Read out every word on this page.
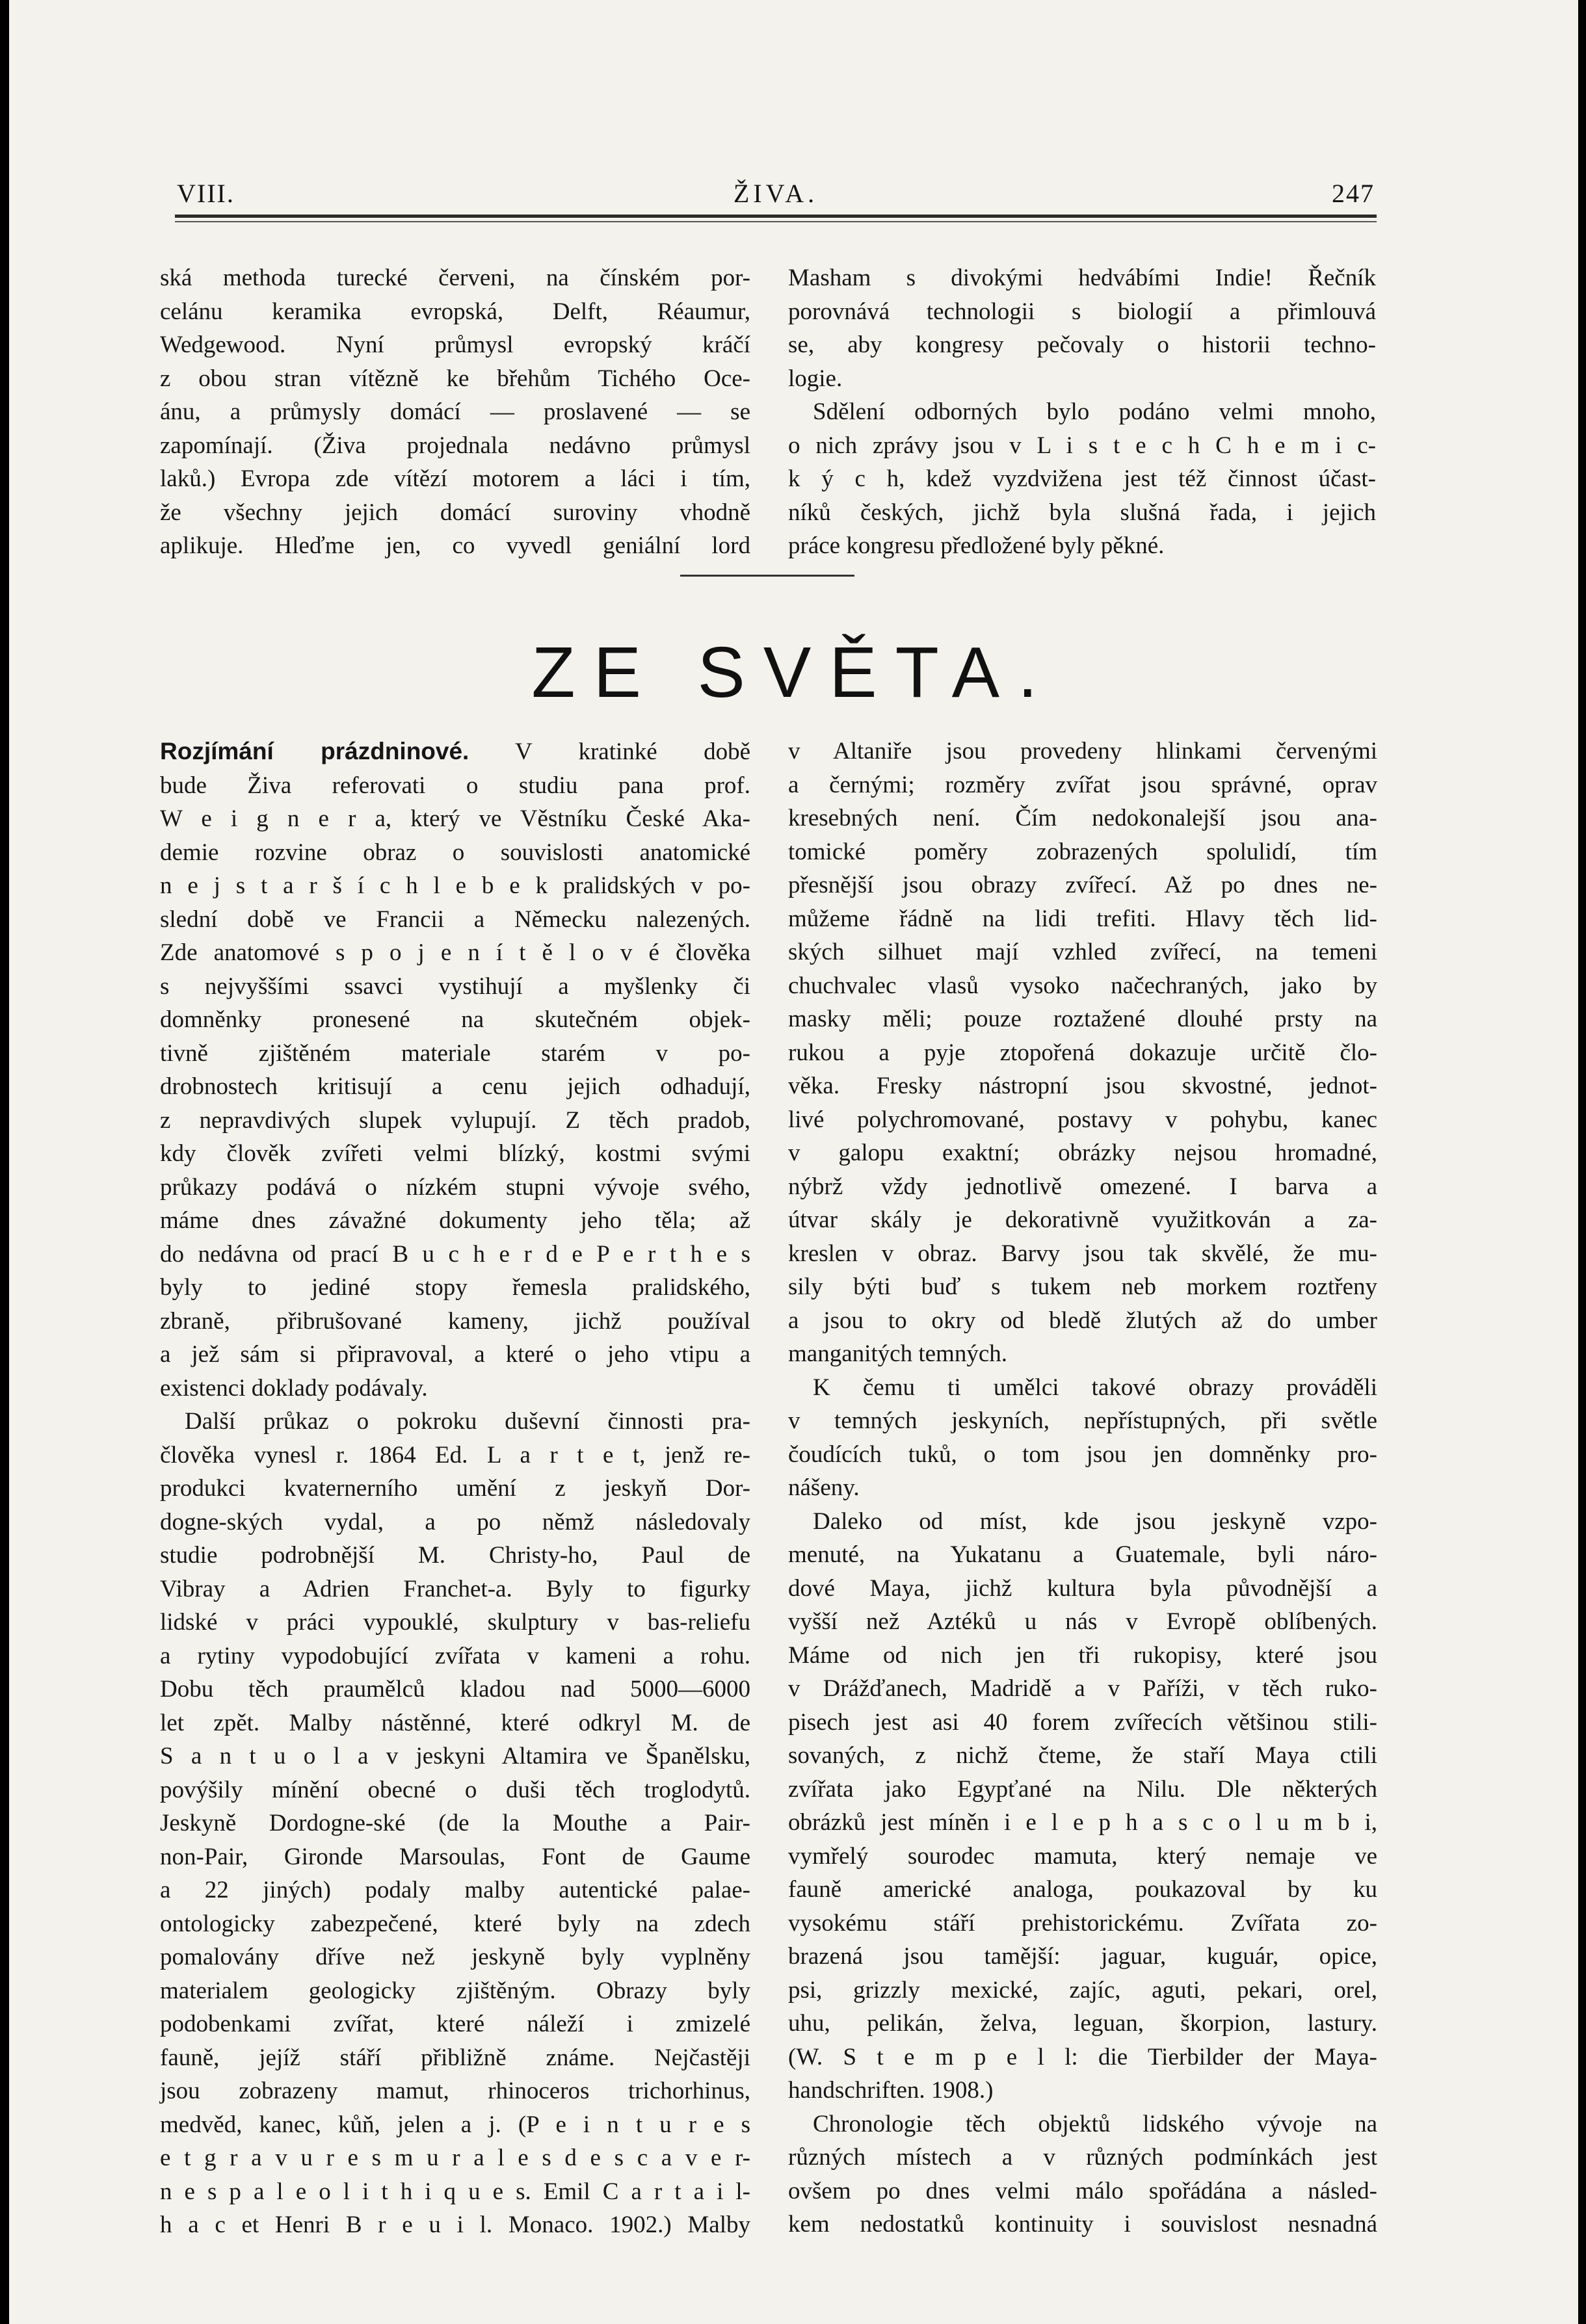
ŽIVA.
VIII.	247

ská methoda turecké červeni, na čínském por-

celánu keramika evropská, Delft, Réaumur,

Wedgewood. Nyní průmysl evropský kráčí

z obou stran vítězně ke břehům Tichého Oce-

ánu, a průmysly domácí — proslavené — se

zapomínají. (Živa projednala nedávno průmysl

laků.) Evropa zde vítězí motorem a láci i tím,

že všechny jejich domácí suroviny vhodně

aplikuje. Hleďme jen, co vyvedl geniální lord

Masham s divokými hedvábími Indie! Řečník

porovnává technologii s biologií a přimlouvá

se, aby kongresy pečovaly o historii techno-

logie.

Sdělení odborných bylo podáno velmi mnoho,

o nich zprávy jsou v L i s t e c h C h e m i c-

k ý c h, kdež vyzdvižena jest též činnost účast-

níků českých, jichž byla slušná řada, i jejich

práce kongresu předložené byly pěkné.

ZE SVĚTA.

Rozjímání prázdninové. V kratinké době

bude Živa referovati o studiu pana prof.

W e i g n e r a, který ve Věstníku České Aka-

demie rozvine obraz o souvislosti anatomické

n e j s t a r š í c h l e b e k pralidských v po-

slední době ve Francii a Německu nalezených.

Zde anatomové s p o j e n í t ě l o v é člověka

s nejvyššími ssavci vystihují a myšlenky či

domněnky pronesené na skutečném objek-

tivně zjištěném materiale starém v po-

drobnostech kritisují a cenu jejich odhadují,

z nepravdivých slupek vylupují. Z těch pradob,

kdy člověk zvířeti velmi blízký, kostmi svými

průkazy podává o nízkém stupni vývoje svého,

máme dnes závažné dokumenty jeho těla; až

do nedávna od prací B u c h e r d e P e r t h e s

byly to jediné stopy řemesla pralidského,

zbraně, přibrušované kameny, jichž používal

a jež sám si připravoval, a které o jeho vtipu a

existenci doklady podávaly.

Další průkaz o pokroku duševní činnosti pra-

člověka vynesl r. 1864 Ed. L a r t e t, jenž re-

produkci kvaternerního umění z jeskyň Dor-

dogne-ských vydal, a po němž následovaly

studie podrobnější M. Christy-ho, Paul de

Vibray a Adrien Franchet-a. Byly to figurky

lidské v práci vypouklé, skulptury v bas-reliefu

a rytiny vypodobující zvířata v kameni a rohu.

Dobu těch praumělců kladou nad 5000—6000

let zpět. Malby nástěnné, které odkryl M. de

S a n t u o l a v jeskyni Altamira ve Španělsku,

povýšily mínění obecné o duši těch troglodytů.

Jeskyně Dordogne-ské (de la Mouthe a Pair-

non-Pair, Gironde Marsoulas, Font de Gaume

a 22 jiných) podaly malby autentické palae-

ontologicky zabezpečené, které byly na zdech

pomalovány dříve než jeskyně byly vyplněny

materialem geologicky zjištěným. Obrazy byly

podobenkami zvířat, které náleží i zmizelé

fauně, jejíž stáří přibližně známe. Nejčastěji

jsou zobrazeny mamut, rhinoceros trichorhinus,

medvěd, kanec, kůň, jelen a j. (P e i n t u r e s

e t g r a v u r e s m u r a l e s d e s c a v e r-

n e s p a l e o l i t h i q u e s. Emil C a r t a i l-

h a c et Henri B r e u i l. Monaco. 1902.) Malby

v Altaniře jsou provedeny hlinkami červenými

a černými; rozměry zvířat jsou správné, oprav

kresebných není. Čím nedokonalejší jsou ana-

tomické poměry zobrazených spolulidí, tím

přesnější jsou obrazy zvířecí. Až po dnes ne-

můžeme řádně na lidi trefiti. Hlavy těch lid-

ských silhuet mají vzhled zvířecí, na temeni

chuchvalec vlasů vysoko načechraných, jako by

masky měli; pouze roztažené dlouhé prsty na

rukou a pyje ztopořená dokazuje určitě člo-

věka. Fresky nástropní jsou skvostné, jednot-

livé polychromované, postavy v pohybu, kanec

v galopu exaktní; obrázky nejsou hromadné,

nýbrž vždy jednotlivě omezené. I barva a

útvar skály je dekorativně využitkován a za-

kreslen v obraz. Barvy jsou tak skvělé, že mu-

sily býti buď s tukem neb morkem roztřeny

a jsou to okry od bledě žlutých až do umber

manganitých temných.

K čemu ti umělci takové obrazy prováděli

v temných jeskyních, nepřístupných, při světle

čoudících tuků, o tom jsou jen domněnky pro-

nášeny.

Daleko od míst, kde jsou jeskyně vzpo-

menuté, na Yukatanu a Guatemale, byli náro-

dové Maya, jichž kultura byla původnější a

vyšší než Aztéků u nás v Evropě oblíbených.

Máme od nich jen tři rukopisy, které jsou

v Drážďanech, Madridě a v Paříži, v těch ruko-

pisech jest asi 40 forem zvířecích většinou stili-

sovaných, z nichž čteme, že staří Maya ctili

zvířata jako Egypťané na Nilu. Dle některých

obrázků jest míněn i e l e p h a s c o l u m b i,

vymřelý sourodec mamuta, který nemaje ve

fauně americké analoga, poukazoval by ku

vysokému stáří prehistorickému. Zvířata zo-

brazená jsou tamější: jaguar, kuguár, opice,

psi, grizzly mexické, zajíc, aguti, pekari, orel,

uhu, pelikán, želva, leguan, škorpion, lastury.

(W. S t e m p e l l: die Tierbilder der Maya-

handschriften. 1908.)

Chronologie těch objektů lidského vývoje na

různých místech a v různých podmínkách jest

ovšem po dnes velmi málo spořádána a násled-

kem nedostatků kontinuity i souvislost nesnadná
